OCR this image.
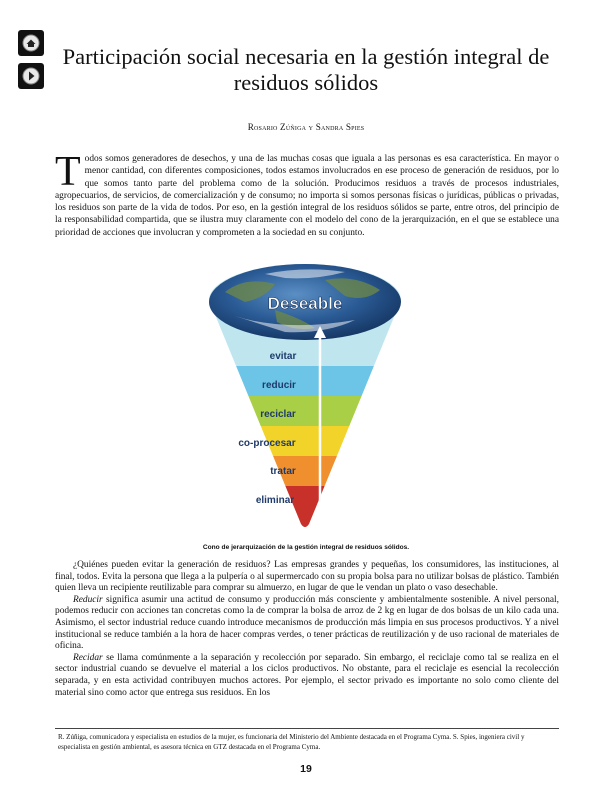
Participación social necesaria en la gestión integral de residuos sólidos
Rosario Zúñiga y Sandra Spies
Todos somos generadores de desechos, y una de las muchas cosas que iguala a las personas es esa característica. En mayor o menor cantidad, con diferentes composiciones, todos estamos involucrados en ese proceso de generación de residuos, por lo que somos tanto parte del problema como de la solución. Producimos residuos a través de procesos industriales, agropecuarios, de servicios, de comercialización y de consumo; no importa si somos personas físicas o jurídicas, públicas o privadas, los residuos son parte de la vida de todos. Por eso, en la gestión integral de los residuos sólidos se parte, entre otros, del principio de la responsabilidad compartida, que se ilustra muy claramente con el modelo del cono de la jerarquización, en el que se establece una prioridad de acciones que involucran y comprometen a la sociedad en su conjunto.
Deseable
evitar
reducir
reciclar
co-procesar
tratar
eliminar
Cono de jerarquización de la gestión integral de residuos sólidos.

¿Quiénes pueden evitar la generación de residuos? Las empresas grandes y pequeñas, los consumidores, las instituciones, al final, todos. Evita la persona que llega a la pulpería o al supermercado con su propia bolsa para no utilizar bolsas de plástico. También quien lleva un recipiente reutilizable para comprar su almuerzo, en lugar de que le vendan un plato o vaso desechable.

Reducir significa asumir una actitud de consumo y producción más consciente y ambientalmente sostenible. A nivel personal, podemos reducir con acciones tan concretas como la de comprar la bolsa de arroz de 2 kg en lugar de dos bolsas de un kilo cada una. Asimismo, el sector industrial reduce cuando introduce mecanismos de producción más limpia en sus procesos productivos. Y a nivel institucional se reduce también a la hora de hacer compras verdes, o tener prácticas de reutilización y de uso racional de materiales de oficina.

Recidar se llama comúnmente a la separación y recolección por separado. Sin embargo, el reciclaje como tal se realiza en el sector industrial cuando se devuelve el material a los ciclos productivos. No obstante, para el reciclaje es esencial la recolección separada, y en esta actividad contribuyen muchos actores. Por ejemplo, el sector privado es importante no solo como cliente del material sino como actor que entrega sus residuos. En los

R. Zúñiga, comunicadora y especialista en estudios de la mujer, es funcionaria del Ministerio del Ambiente destacada en el Programa Cyma. S. Spies, ingeniera civil y especialista en gestión ambiental, es asesora técnica en GTZ destacada en el Programa Cyma.
19
